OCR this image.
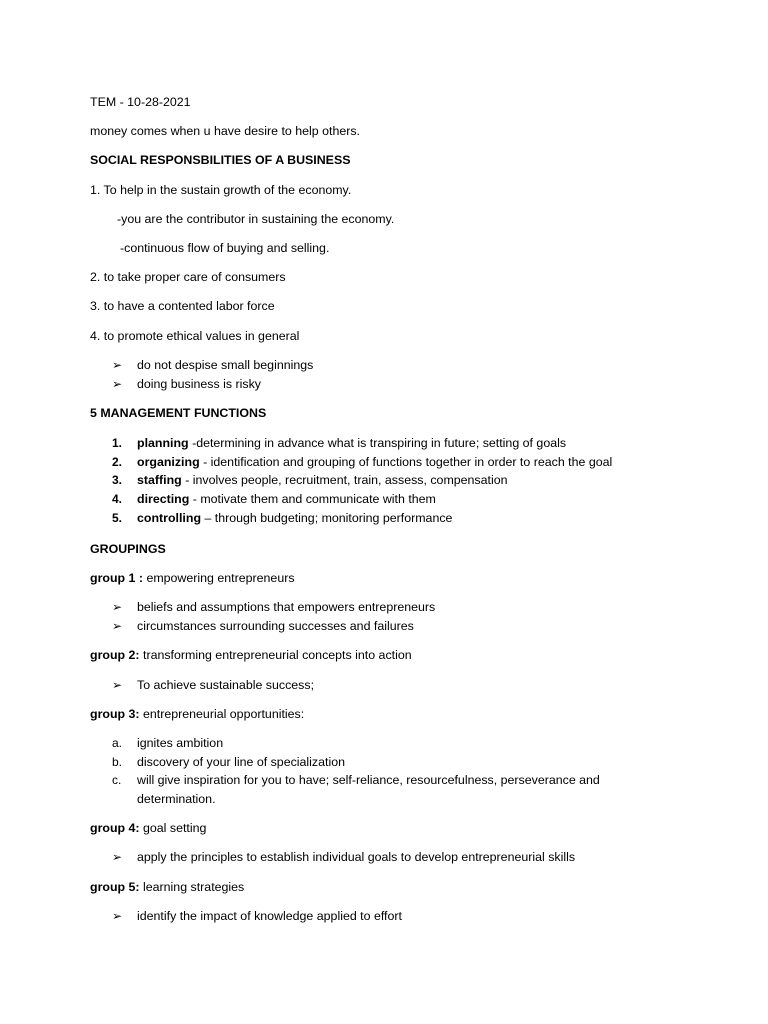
TEM - 10-28-2021
money comes when u have desire to help others.
SOCIAL RESPONSBILITIES OF A BUSINESS
1. To help in the sustain growth of the economy.
-you are the contributor in sustaining the economy.
-continuous flow of buying and selling.
2. to take proper care of consumers
3. to have a contented labor force
4. to promote ethical values in general
➢ do not despise small beginnings
➢ doing business is risky
5 MANAGEMENT FUNCTIONS
1. planning -determining in advance what is transpiring in future; setting of goals
2. organizing - identification and grouping of functions together in order to reach the goal
3. staffing - involves people, recruitment, train, assess, compensation
4. directing - motivate them and communicate with them
5. controlling – through budgeting; monitoring performance
GROUPINGS
group 1 : empowering entrepreneurs
➢ beliefs and assumptions that empowers entrepreneurs
➢ circumstances surrounding successes and failures
group 2: transforming entrepreneurial concepts into action
➢ To achieve sustainable success;
group 3: entrepreneurial opportunities:
a. ignites ambition
b. discovery of your line of specialization
c. will give inspiration for you to have; self-reliance, resourcefulness, perseverance and
determination.
group 4: goal setting
➢ apply the principles to establish individual goals to develop entrepreneurial skills
group 5: learning strategies
➢ identify the impact of knowledge applied to effort
